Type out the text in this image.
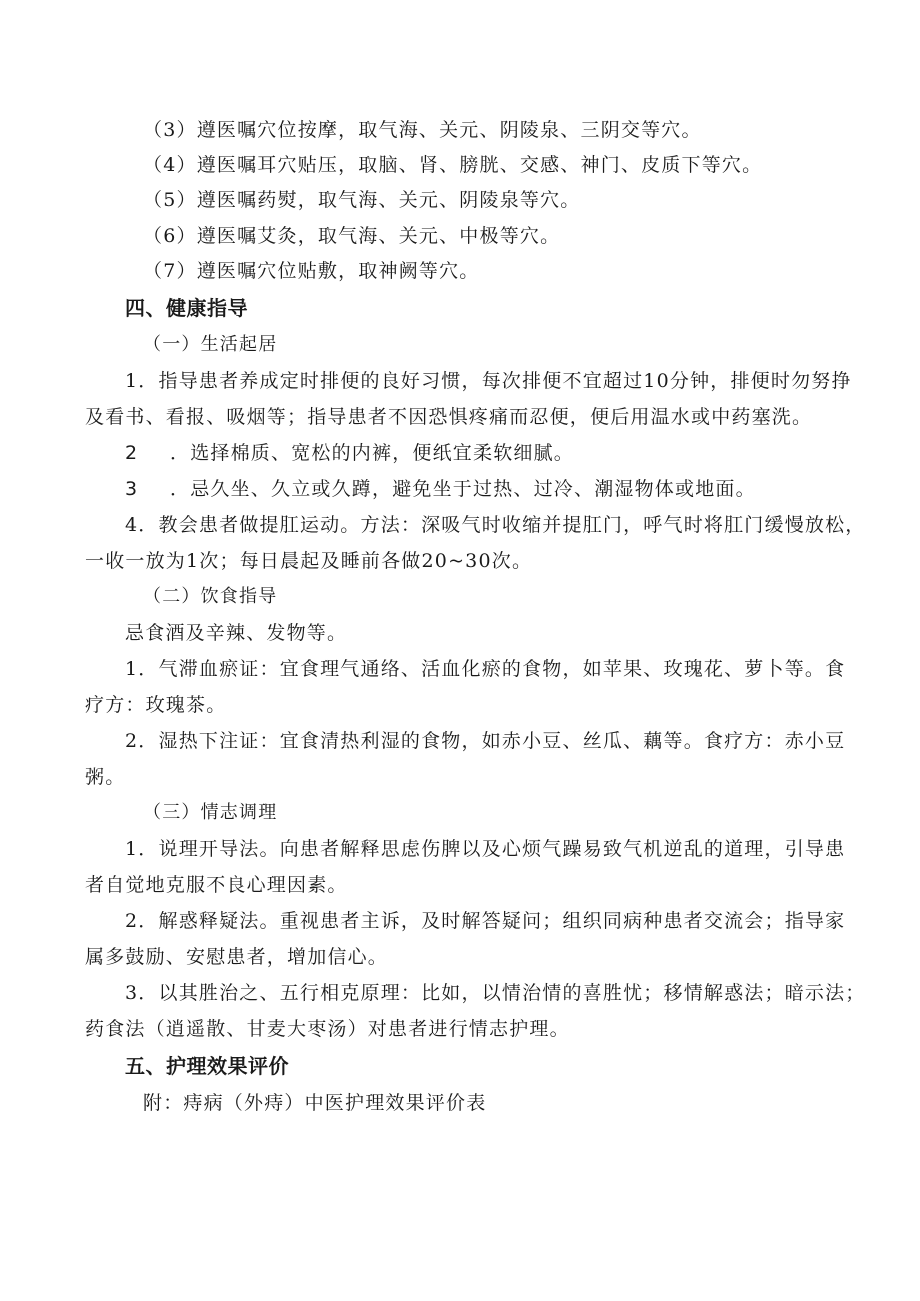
（3）遵医嘱穴位按摩，取气海、关元、阴陵泉、三阴交等穴。
（4）遵医嘱耳穴贴压，取脑、肾、膀胱、交感、神门、皮质下等穴。
（5）遵医嘱药熨，取气海、关元、阴陵泉等穴。
（6）遵医嘱艾灸，取气海、关元、中极等穴。
（7）遵医嘱穴位贴敷，取神阙等穴。
四、健康指导
（一）生活起居
1．指导患者养成定时排便的良好习惯，每次排便不宜超过10分钟，排便时勿努挣
及看书、看报、吸烟等；指导患者不因恐惧疼痛而忍便，便后用温水或中药塞洗。
2 ．选择棉质、宽松的内裤，便纸宜柔软细腻。
3 ．忌久坐、久立或久蹲，避免坐于过热、过冷、潮湿物体或地面。
4．教会患者做提肛运动。方法：深吸气时收缩并提肛门，呼气时将肛门缓慢放松，
一收一放为1次；每日晨起及睡前各做20~30次。
（二）饮食指导
忌食酒及辛辣、发物等。
1．气滞血瘀证：宜食理气通络、活血化瘀的食物，如苹果、玫瑰花、萝卜等。食
疗方：玫瑰茶。
2．湿热下注证：宜食清热利湿的食物，如赤小豆、丝瓜、藕等。食疗方：赤小豆
粥。
（三）情志调理
1．说理开导法。向患者解释思虑伤脾以及心烦气躁易致气机逆乱的道理，引导患
者自觉地克服不良心理因素。
2．解惑释疑法。重视患者主诉，及时解答疑问；组织同病种患者交流会；指导家
属多鼓励、安慰患者，增加信心。
3．以其胜治之、五行相克原理：比如，以情治情的喜胜忧；移情解惑法；暗示法；
药食法（逍遥散、甘麦大枣汤）对患者进行情志护理。
五、护理效果评价
附：痔病（外痔）中医护理效果评价表
